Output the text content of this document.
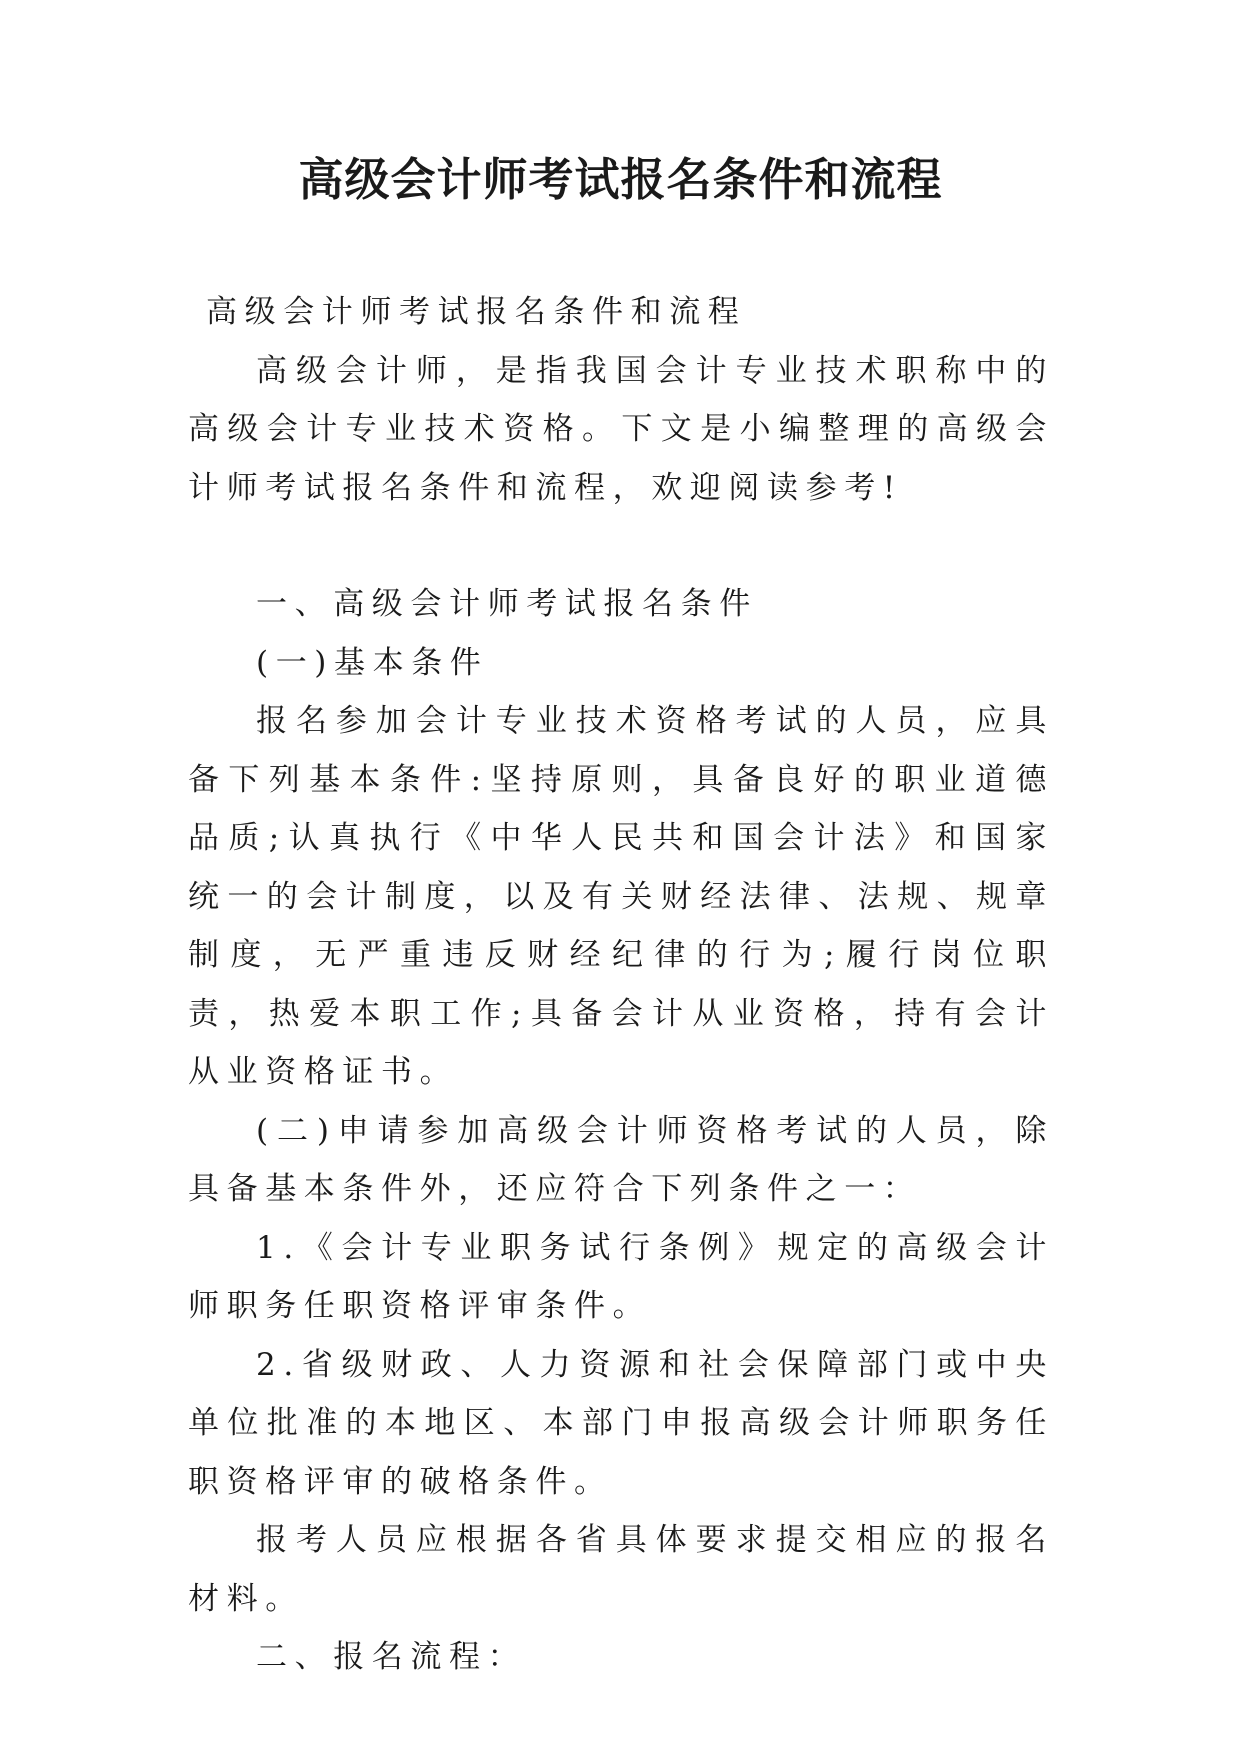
高级会计师考试报名条件和流程

高级会计师考试报名条件和流程

高级会计师，是指我国会计专业技术职称中的高级会计专业技术资格。下文是小编整理的高级会计师考试报名条件和流程，欢迎阅读参考!

一、高级会计师考试报名条件

(一)基本条件

报名参加会计专业技术资格考试的人员，应具备下列基本条件:坚持原则，具备良好的职业道德品质;认真执行《中华人民共和国会计法》和国家统一的会计制度，以及有关财经法律、法规、规章制度，无严重违反财经纪律的行为;履行岗位职责，热爱本职工作;具备会计从业资格，持有会计从业资格证书。

(二)申请参加高级会计师资格考试的人员，除具备基本条件外，还应符合下列条件之一：

1.《会计专业职务试行条例》规定的高级会计师职务任职资格评审条件。

2.省级财政、人力资源和社会保障部门或中央单位批准的本地区、本部门申报高级会计师职务任职资格评审的破格条件。

报考人员应根据各省具体要求提交相应的报名材料。

二、报名流程：
